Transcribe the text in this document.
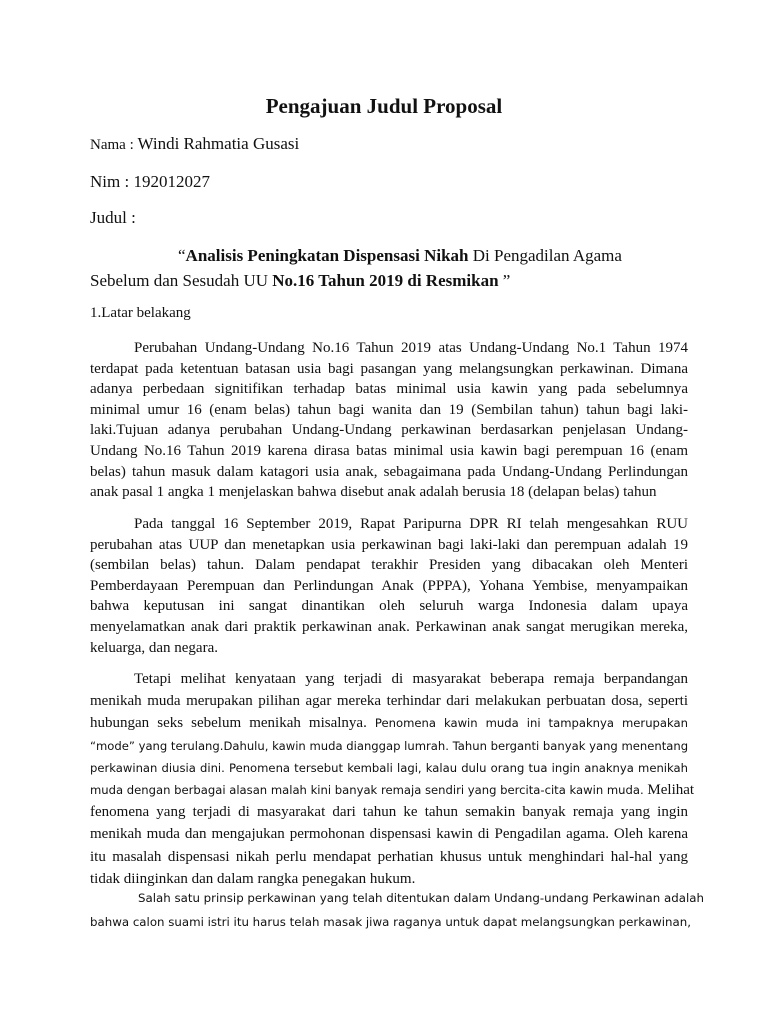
Pengajuan Judul Proposal
Nama : Windi Rahmatia Gusasi
Nim : 192012027
Judul :
“Analisis Peningkatan Dispensasi Nikah Di Pengadilan Agama
Sebelum dan Sesudah UU No.16 Tahun 2019 di Resmikan ”
1.Latar belakang
Perubahan Undang-Undang No.16 Tahun 2019 atas Undang-Undang No.1 Tahun 1974
terdapat pada ketentuan batasan usia bagi pasangan yang melangsungkan perkawinan. Dimana
adanya perbedaan signitifikan terhadap batas minimal usia kawin yang pada sebelumnya
minimal umur 16 (enam belas) tahun bagi wanita dan 19 (Sembilan tahun) tahun bagi laki-
laki.Tujuan adanya perubahan Undang-Undang perkawinan berdasarkan penjelasan Undang-
Undang No.16 Tahun 2019 karena dirasa batas minimal usia kawin bagi perempuan 16 (enam
belas) tahun masuk dalam katagori usia anak, sebagaimana pada Undang-Undang Perlindungan
anak pasal 1 angka 1 menjelaskan bahwa disebut anak adalah berusia 18 (delapan belas) tahun
Pada tanggal 16 September 2019, Rapat Paripurna DPR RI telah mengesahkan RUU
perubahan atas UUP dan menetapkan usia perkawinan bagi laki-laki dan perempuan adalah 19
(sembilan belas) tahun. Dalam pendapat terakhir Presiden yang dibacakan oleh Menteri
Pemberdayaan Perempuan dan Perlindungan Anak (PPPA), Yohana Yembise, menyampaikan
bahwa keputusan ini sangat dinantikan oleh seluruh warga Indonesia dalam upaya
menyelamatkan anak dari praktik perkawinan anak. Perkawinan anak sangat merugikan mereka,
keluarga, dan negara.
Tetapi melihat kenyataan yang terjadi di masyarakat beberapa remaja berpandangan
menikah muda merupakan pilihan agar mereka terhindar dari melakukan perbuatan dosa, seperti
hubungan seks sebelum menikah misalnya. Penomena kawin muda ini tampaknya merupakan
“mode” yang terulang.Dahulu, kawin muda dianggap lumrah. Tahun berganti banyak yang menentang
perkawinan diusia dini. Penomena tersebut kembali lagi, kalau dulu orang tua ingin anaknya menikah
muda dengan berbagai alasan malah kini banyak remaja sendiri yang bercita-cita kawin muda. Melihat
fenomena yang terjadi di masyarakat dari tahun ke tahun semakin banyak remaja yang ingin
menikah muda dan mengajukan permohonan dispensasi kawin di Pengadilan agama. Oleh karena
itu masalah dispensasi nikah perlu mendapat perhatian khusus untuk menghindari hal-hal yang
tidak diinginkan dan dalam rangka penegakan hukum.
Salah satu prinsip perkawinan yang telah ditentukan dalam Undang-undang Perkawinan adalah
bahwa calon suami istri itu harus telah masak jiwa raganya untuk dapat melangsungkan perkawinan,
